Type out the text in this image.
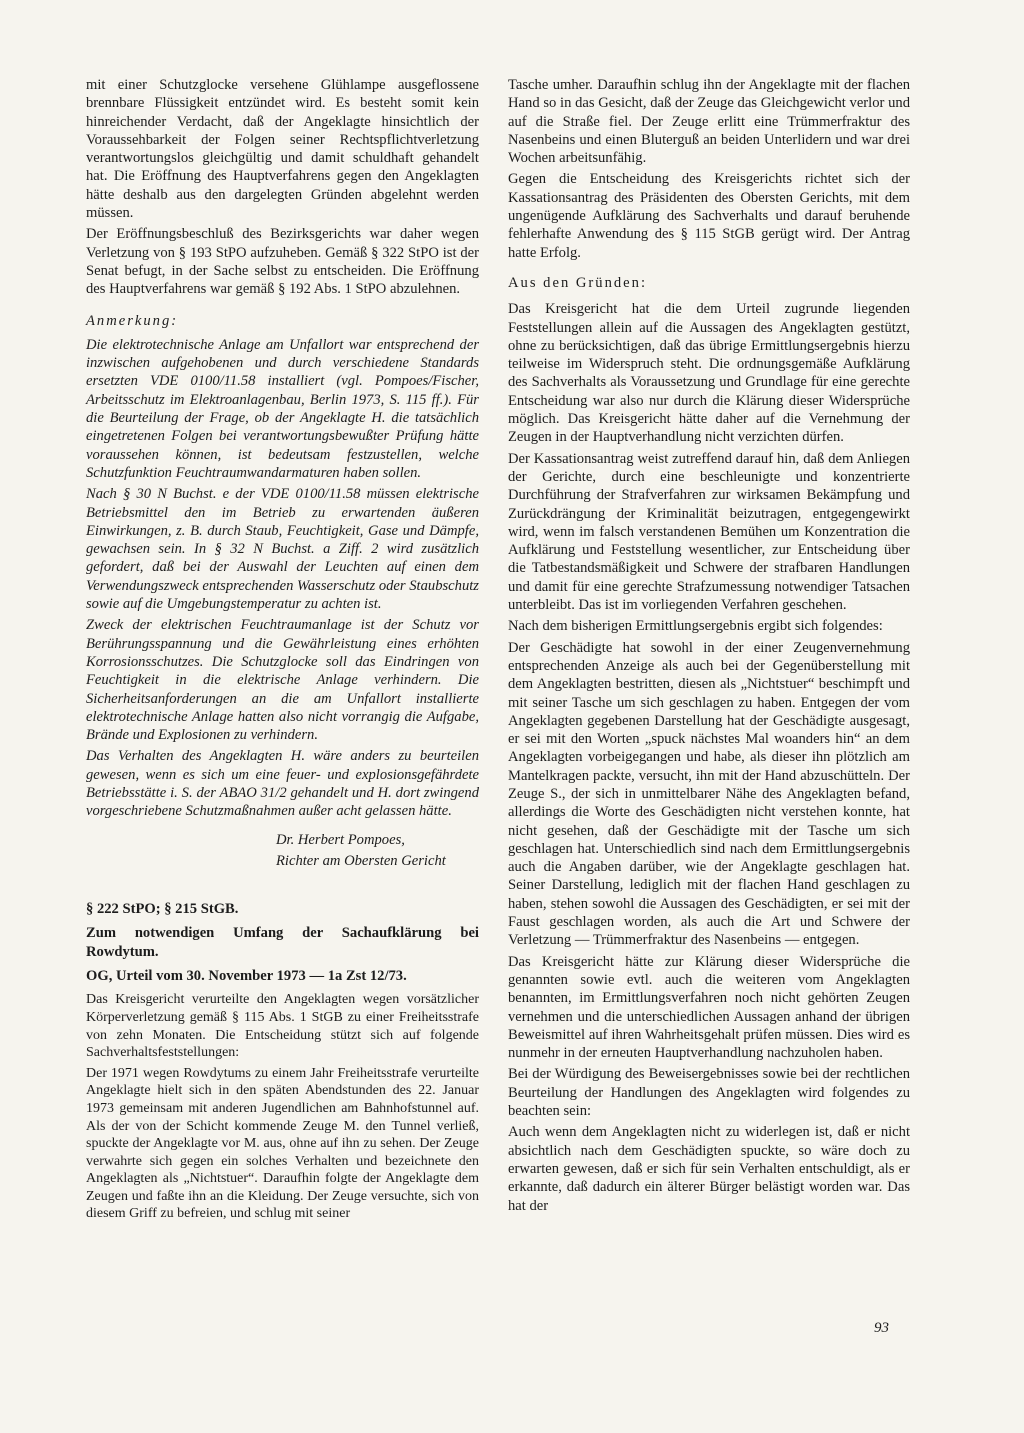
mit einer Schutzglocke versehene Glühlampe ausgeflossene brennbare Flüssigkeit entzündet wird. Es besteht somit kein hinreichender Verdacht, daß der Angeklagte hinsichtlich der Voraussehbarkeit der Folgen seiner Rechtspflichtverletzung verantwortungslos gleichgültig und damit schuldhaft gehandelt hat. Die Eröffnung des Hauptverfahrens gegen den Angeklagten hätte deshalb aus den dargelegten Gründen abgelehnt werden müssen.

Der Eröffnungsbeschluß des Bezirksgerichts war daher wegen Verletzung von § 193 StPO aufzuheben. Gemäß § 322 StPO ist der Senat befugt, in der Sache selbst zu entscheiden. Die Eröffnung des Hauptverfahrens war gemäß § 192 Abs. 1 StPO abzulehnen.

Anmerkung:

Die elektrotechnische Anlage am Unfallort war entsprechend der inzwischen aufgehobenen und durch verschiedene Standards ersetzten VDE 0100/11.58 installiert (vgl. Pompoes/Fischer, Arbeitsschutz im Elektroanlagenbau, Berlin 1973, S. 115 ff.). Für die Beurteilung der Frage, ob der Angeklagte H. die tatsächlich eingetretenen Folgen bei verantwortungsbewußter Prüfung hätte voraussehen können, ist bedeutsam festzustellen, welche Schutzfunktion Feuchtraumwandarmaturen haben sollen.

Nach § 30 N Buchst. e der VDE 0100/11.58 müssen elektrische Betriebsmittel den im Betrieb zu erwartenden äußeren Einwirkungen, z. B. durch Staub, Feuchtigkeit, Gase und Dämpfe, gewachsen sein. In § 32 N Buchst. a Ziff. 2 wird zusätzlich gefordert, daß bei der Auswahl der Leuchten auf einen dem Verwendungszweck entsprechenden Wasserschutz oder Staubschutz sowie auf die Umgebungstemperatur zu achten ist.

Zweck der elektrischen Feuchtraumanlage ist der Schutz vor Berührungsspannung und die Gewährleistung eines erhöhten Korrosionsschutzes. Die Schutzglocke soll das Eindringen von Feuchtigkeit in die elektrische Anlage verhindern. Die Sicherheitsanforderungen an die am Unfallort installierte elektrotechnische Anlage hatten also nicht vorrangig die Aufgabe, Brände und Explosionen zu verhindern.

Das Verhalten des Angeklagten H. wäre anders zu beurteilen gewesen, wenn es sich um eine feuer- und explosionsgefährdete Betriebsstätte i. S. der ABAO 31/2 gehandelt und H. dort zwingend vorgeschriebene Schutzmaßnahmen außer acht gelassen hätte.

Dr. Herbert Pompoes,

Richter am Obersten Gericht

§ 222 StPO; § 215 StGB.

Zum notwendigen Umfang der Sachaufklärung bei Rowdytum.

OG, Urteil vom 30. November 1973 — 1a Zst 12/73.

Das Kreisgericht verurteilte den Angeklagten wegen vorsätzlicher Körperverletzung gemäß § 115 Abs. 1 StGB zu einer Freiheitsstrafe von zehn Monaten. Die Entscheidung stützt sich auf folgende Sachverhaltsfeststellungen:

Der 1971 wegen Rowdytums zu einem Jahr Freiheitsstrafe verurteilte Angeklagte hielt sich in den späten Abendstunden des 22. Januar 1973 gemeinsam mit anderen Jugendlichen am Bahnhofstunnel auf. Als der von der Schicht kommende Zeuge M. den Tunnel verließ, spuckte der Angeklagte vor M. aus, ohne auf ihn zu sehen. Der Zeuge verwahrte sich gegen ein solches Verhalten und bezeichnete den Angeklagten als „Nichtstuer“. Daraufhin folgte der Angeklagte dem Zeugen und faßte ihn an die Kleidung. Der Zeuge versuchte, sich von diesem Griff zu befreien, und schlug mit seiner

Tasche umher. Daraufhin schlug ihn der Angeklagte mit der flachen Hand so in das Gesicht, daß der Zeuge das Gleichgewicht verlor und auf die Straße fiel. Der Zeuge erlitt eine Trümmerfraktur des Nasenbeins und einen Bluterguß an beiden Unterlidern und war drei Wochen arbeitsunfähig.

Gegen die Entscheidung des Kreisgerichts richtet sich der Kassationsantrag des Präsidenten des Obersten Gerichts, mit dem ungenügende Aufklärung des Sachverhalts und darauf beruhende fehlerhafte Anwendung des § 115 StGB gerügt wird. Der Antrag hatte Erfolg.

Aus den Gründen:

Das Kreisgericht hat die dem Urteil zugrunde liegenden Feststellungen allein auf die Aussagen des Angeklagten gestützt, ohne zu berücksichtigen, daß das übrige Ermittlungsergebnis hierzu teilweise im Widerspruch steht. Die ordnungsgemäße Aufklärung des Sachverhalts als Voraussetzung und Grundlage für eine gerechte Entscheidung war also nur durch die Klärung dieser Widersprüche möglich. Das Kreisgericht hätte daher auf die Vernehmung der Zeugen in der Hauptverhandlung nicht verzichten dürfen.

Der Kassationsantrag weist zutreffend darauf hin, daß dem Anliegen der Gerichte, durch eine beschleunigte und konzentrierte Durchführung der Strafverfahren zur wirksamen Bekämpfung und Zurückdrängung der Kriminalität beizutragen, entgegengewirkt wird, wenn im falsch verstandenen Bemühen um Konzentration die Aufklärung und Feststellung wesentlicher, zur Entscheidung über die Tatbestandsmäßigkeit und Schwere der strafbaren Handlungen und damit für eine gerechte Strafzumessung notwendiger Tatsachen unterbleibt. Das ist im vorliegenden Verfahren geschehen.

Nach dem bisherigen Ermittlungsergebnis ergibt sich folgendes:

Der Geschädigte hat sowohl in der einer Zeugenvernehmung entsprechenden Anzeige als auch bei der Gegenüberstellung mit dem Angeklagten bestritten, diesen als „Nichtstuer“ beschimpft und mit seiner Tasche um sich geschlagen zu haben. Entgegen der vom Angeklagten gegebenen Darstellung hat der Geschädigte ausgesagt, er sei mit den Worten „spuck nächstes Mal woanders hin“ an dem Angeklagten vorbeigegangen und habe, als dieser ihn plötzlich am Mantelkragen packte, versucht, ihn mit der Hand abzuschütteln. Der Zeuge S., der sich in unmittelbarer Nähe des Angeklagten befand, allerdings die Worte des Geschädigten nicht verstehen konnte, hat nicht gesehen, daß der Geschädigte mit der Tasche um sich geschlagen hat. Unterschiedlich sind nach dem Ermittlungsergebnis auch die Angaben darüber, wie der Angeklagte geschlagen hat. Seiner Darstellung, lediglich mit der flachen Hand geschlagen zu haben, stehen sowohl die Aussagen des Geschädigten, er sei mit der Faust geschlagen worden, als auch die Art und Schwere der Verletzung — Trümmerfraktur des Nasenbeins — entgegen.

Das Kreisgericht hätte zur Klärung dieser Widersprüche die genannten sowie evtl. auch die weiteren vom Angeklagten benannten, im Ermittlungsverfahren noch nicht gehörten Zeugen vernehmen und die unterschiedlichen Aussagen anhand der übrigen Beweismittel auf ihren Wahrheitsgehalt prüfen müssen. Dies wird es nunmehr in der erneuten Hauptverhandlung nachzuholen haben.

Bei der Würdigung des Beweisergebnisses sowie bei der rechtlichen Beurteilung der Handlungen des Angeklagten wird folgendes zu beachten sein:

Auch wenn dem Angeklagten nicht zu widerlegen ist, daß er nicht absichtlich nach dem Geschädigten spuckte, so wäre doch zu erwarten gewesen, daß er sich für sein Verhalten entschuldigt, als er erkannte, daß dadurch ein älterer Bürger belästigt worden war. Das hat der

93
